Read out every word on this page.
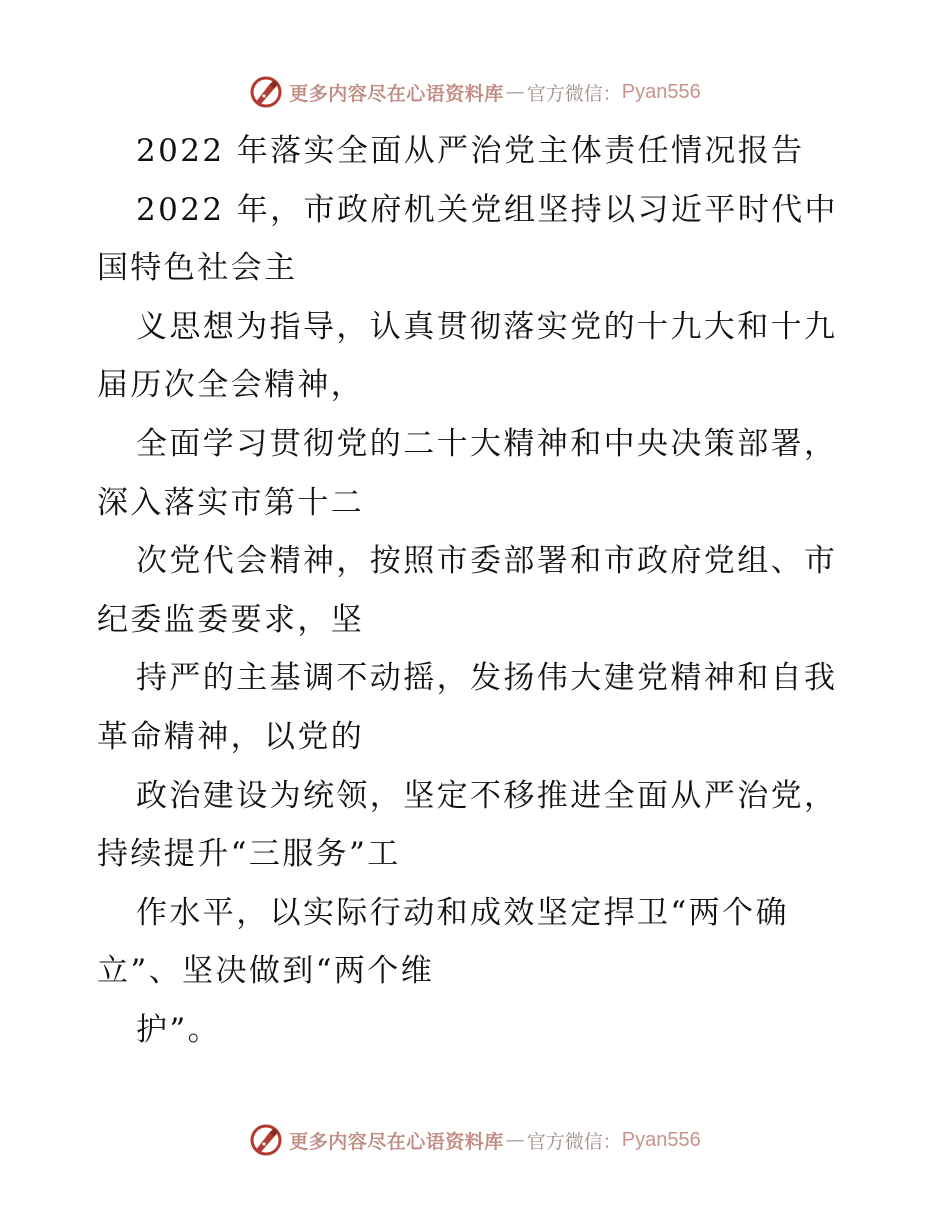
更多内容尽在心语资料库 — 官方微信： Pyan556
2022 年落实全面从严治党主体责任情况报告
2022 年，市政府机关党组坚持以习近平时代中
国特色社会主
义思想为指导，认真贯彻落实党的十九大和十九
届历次全会精神，
全面学习贯彻党的二十大精神和中央决策部署，
深入落实市第十二
次党代会精神，按照市委部署和市政府党组、市
纪委监委要求，坚
持严的主基调不动摇，发扬伟大建党精神和自我
革命精神，以党的
政治建设为统领，坚定不移推进全面从严治党，
持续提升“三服务”工
作水平，以实际行动和成效坚定捍卫“两个确
立”、坚决做到“两个维
护”。
更多内容尽在心语资料库 — 官方微信： Pyan556
